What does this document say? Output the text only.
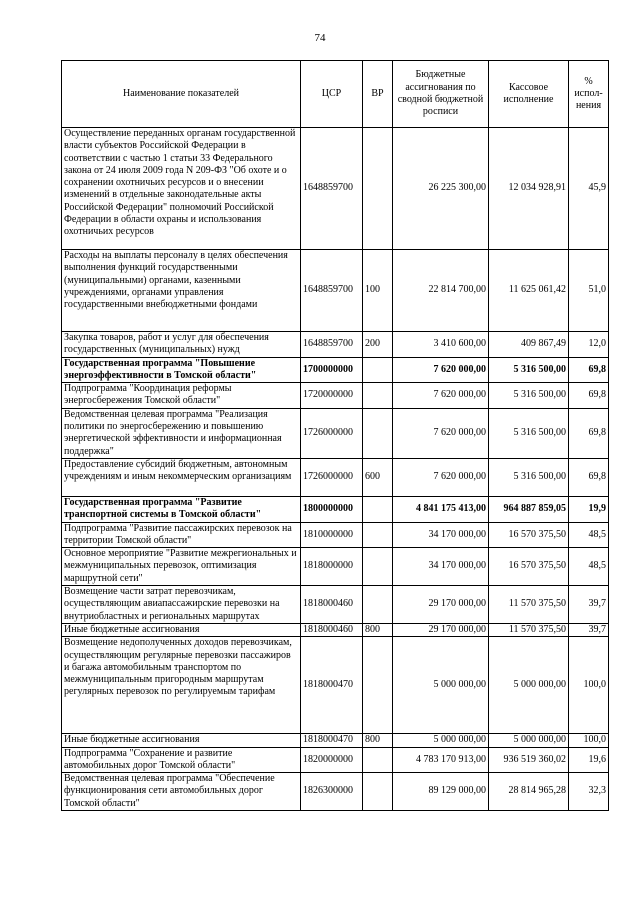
74
Наименование показателей	ЦСР	ВР	Бюджетные ассигнования по сводной бюджетной росписи	Кассовое исполнение	% испол-нения
Осуществление переданных органам государственной власти субъектов Российской Федерации в соответствии с частью 1 статьи 33 Федерального закона от 24 июля 2009 года N 209-ФЗ "Об охоте и о сохранении охотничьих ресурсов и о внесении изменений в отдельные законодательные акты Российской Федерации" полномочий Российской Федерации в области охраны и использования охотничьих ресурсов	1648859700		26 225 300,00	12 034 928,91	45,9
Расходы на выплаты персоналу в целях обеспечения выполнения функций государственными (муниципальными) органами, казенными учреждениями, органами управления государственными внебюджетными фондами	1648859700	100	22 814 700,00	11 625 061,42	51,0
Закупка товаров, работ и услуг для обеспечения государственных (муниципальных) нужд	1648859700	200	3 410 600,00	409 867,49	12,0
Государственная программа "Повышение энергоэффективности в Томской области"	1700000000		7 620 000,00	5 316 500,00	69,8
Подпрограмма "Координация реформы энергосбережения Томской области"	1720000000		7 620 000,00	5 316 500,00	69,8
Ведомственная целевая программа "Реализация политики по энергосбережению и повышению энергетической эффективности и информационная поддержка"	1726000000		7 620 000,00	5 316 500,00	69,8
Предоставление субсидий бюджетным, автономным учреждениям и иным некоммерческим организациям	1726000000	600	7 620 000,00	5 316 500,00	69,8
Государственная программа "Развитие транспортной системы в Томской области"	1800000000		4 841 175 413,00	964 887 859,05	19,9
Подпрограмма "Развитие пассажирских перевозок на территории Томской области"	1810000000		34 170 000,00	16 570 375,50	48,5
Основное мероприятие "Развитие межрегиональных и межмуниципальных перевозок, оптимизация маршрутной сети"	1818000000		34 170 000,00	16 570 375,50	48,5
Возмещение части затрат перевозчикам, осуществляющим авиапассажирские перевозки на внутриобластных и региональных маршрутах	1818000460		29 170 000,00	11 570 375,50	39,7
Иные бюджетные ассигнования	1818000460	800	29 170 000,00	11 570 375,50	39,7
Возмещение недополученных доходов перевозчикам, осуществляющим регулярные перевозки пассажиров и багажа автомобильным транспортом по межмуниципальным пригородным маршрутам регулярных перевозок по регулируемым тарифам	1818000470		5 000 000,00	5 000 000,00	100,0
Иные бюджетные ассигнования	1818000470	800	5 000 000,00	5 000 000,00	100,0
Подпрограмма "Сохранение и развитие автомобильных дорог Томской области"	1820000000		4 783 170 913,00	936 519 360,02	19,6
Ведомственная целевая программа "Обеспечение функционирования сети автомобильных дорог Томской области"	1826300000		89 129 000,00	28 814 965,28	32,3
